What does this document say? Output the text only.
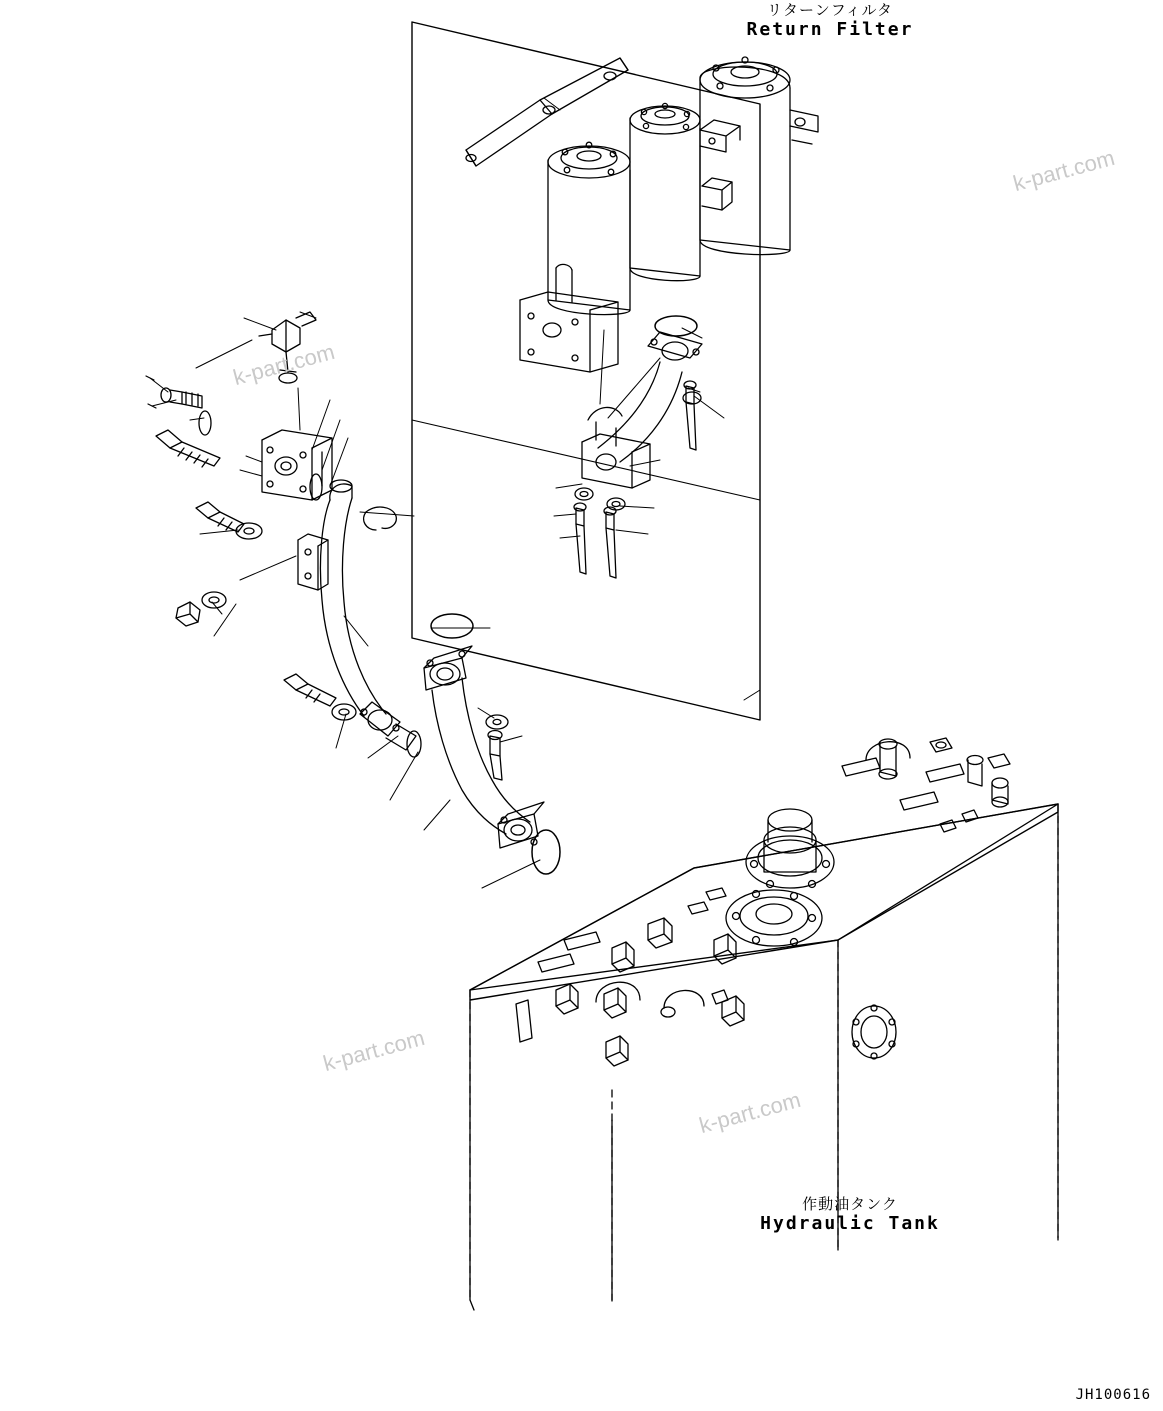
リターンフィルタ
Return Filter
作動油タンク
Hydraulic Tank
k-part.com
k-part.com
k-part.com
k-part.com
JH100616
